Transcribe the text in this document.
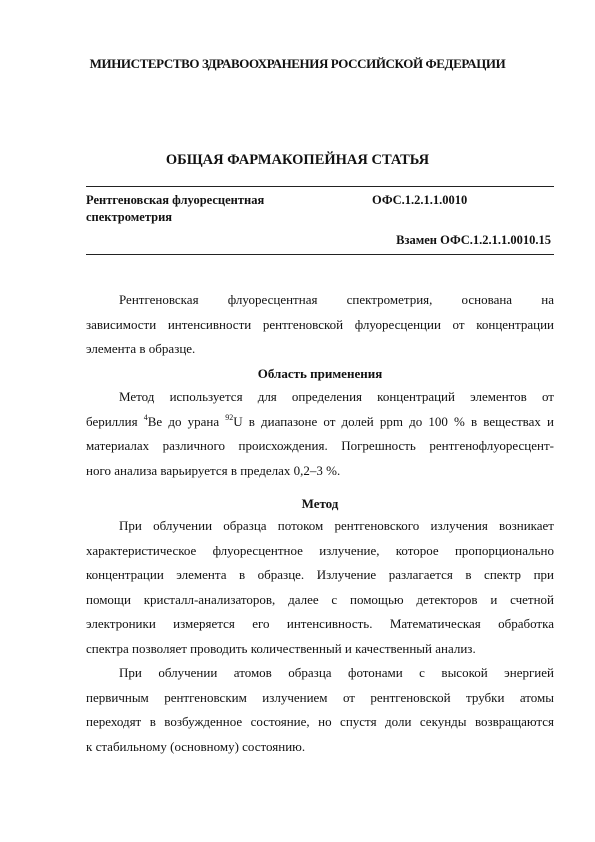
МИНИСТЕРСТВО ЗДРАВООХРАНЕНИЯ РОССИЙСКОЙ ФЕДЕРАЦИИ
ОБЩАЯ ФАРМАКОПЕЙНАЯ СТАТЬЯ
Рентгеновская флуоресцентная
спектрометрия
ОФС.1.2.1.1.0010
Взамен ОФС.1.2.1.1.0010.15

Рентгеновская флуоресцентная спектрометрия, основана на

зависимости интенсивности рентгеновской флуоресценции от концентрации

элемента в образце.

Область применения

Метод используется для определения концентраций элементов от

бериллия $^4$Be до урана $^{92}$U в диапазоне от долей ppm до 100 % в веществах и

материалах различного происхождения. Погрешность рентгенофлуоресцент-

ного анализа варьируется в пределах 0,2–3 %.

Метод

При облучении образца потоком рентгеновского излучения возникает

характеристическое флуоресцентное излучение, которое пропорционально

концентрации элемента в образце. Излучение разлагается в спектр при

помощи кристалл-анализаторов, далее с помощью детекторов и счетной

электроники измеряется его интенсивность. Математическая обработка

спектра позволяет проводить количественный и качественный анализ.

При облучении атомов образца фотонами с высокой энергией

первичным рентгеновским излучением от рентгеновской трубки атомы

переходят в возбужденное состояние, но спустя доли секунды возвращаются

к стабильному (основному) состоянию.
